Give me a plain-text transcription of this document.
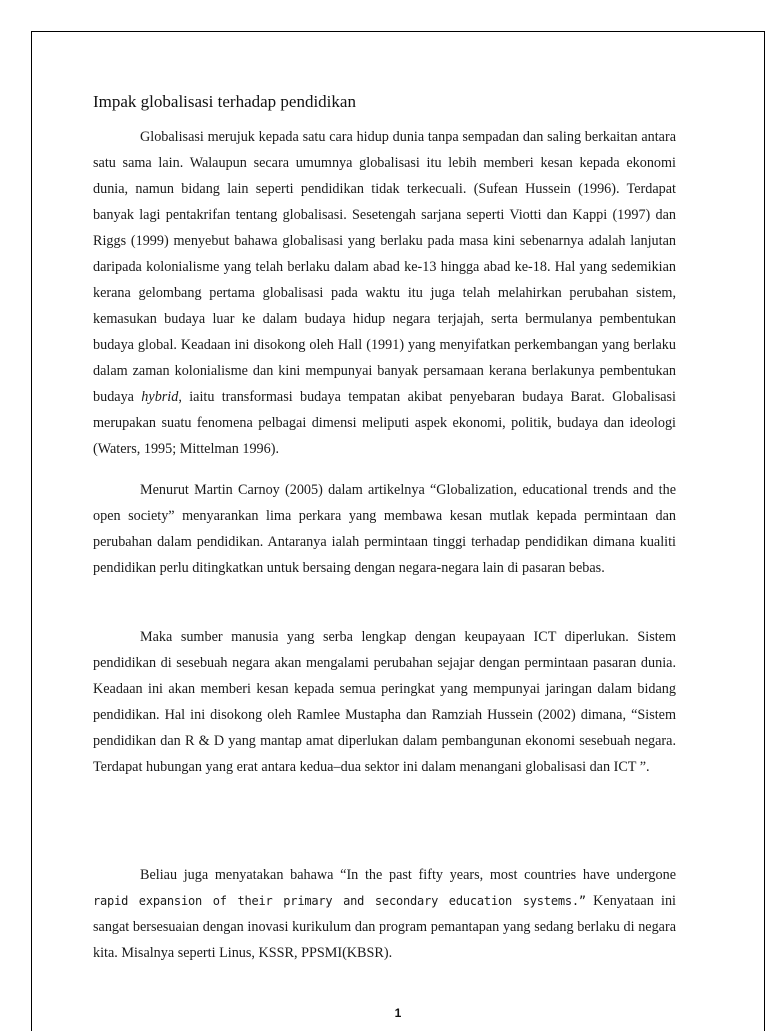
Impak globalisasi terhadap pendidikan

Globalisasi merujuk kepada satu cara hidup dunia tanpa sempadan dan saling berkaitan antara satu sama lain. Walaupun secara umumnya globalisasi itu lebih memberi kesan kepada ekonomi dunia, namun bidang lain seperti pendidikan tidak terkecuali. (Sufean Hussein (1996). Terdapat banyak lagi pentakrifan tentang globalisasi. Sesetengah sarjana seperti Viotti dan Kappi (1997) dan Riggs (1999) menyebut bahawa globalisasi yang berlaku pada masa kini sebenarnya adalah lanjutan daripada kolonialisme yang telah berlaku dalam abad ke-13 hingga abad ke-18. Hal yang sedemikian kerana gelombang pertama globalisasi pada waktu itu juga telah melahirkan perubahan sistem, kemasukan budaya luar ke dalam budaya hidup negara terjajah, serta bermulanya pembentukan budaya global. Keadaan ini disokong oleh Hall (1991) yang menyifatkan perkembangan yang berlaku dalam zaman kolonialisme dan kini mempunyai banyak persamaan kerana berlakunya pembentukan budaya hybrid, iaitu transformasi budaya tempatan akibat penyebaran budaya Barat. Globalisasi merupakan suatu fenomena pelbagai dimensi meliputi aspek ekonomi, politik, budaya dan ideologi (Waters, 1995; Mittelman 1996).

Menurut Martin Carnoy (2005) dalam artikelnya “Globalization, educational trends and the open society” menyarankan lima perkara yang membawa kesan mutlak kepada permintaan dan perubahan dalam pendidikan. Antaranya ialah permintaan tinggi terhadap pendidikan dimana kualiti pendidikan perlu ditingkatkan untuk bersaing dengan negara-negara lain di pasaran bebas.

Maka sumber manusia yang serba lengkap dengan keupayaan ICT diperlukan. Sistem pendidikan di sesebuah negara akan mengalami perubahan sejajar dengan permintaan pasaran dunia. Keadaan ini akan memberi kesan kepada semua peringkat yang mempunyai jaringan dalam bidang pendidikan. Hal ini disokong oleh Ramlee Mustapha dan Ramziah Hussein (2002) dimana, “Sistem pendidikan dan R & D yang mantap amat diperlukan dalam pembangunan ekonomi sesebuah negara. Terdapat hubungan yang erat antara kedua–dua sektor ini dalam menangani globalisasi dan ICT ”.

Beliau juga menyatakan bahawa “In the past fifty years, most countries have undergone rapid expansion of their primary and secondary education systems.” Kenyataan ini sangat bersesuaian dengan inovasi kurikulum dan program pemantapan yang sedang berlaku di negara kita. Misalnya seperti Linus, KSSR, PPSMI(KBSR).

1
